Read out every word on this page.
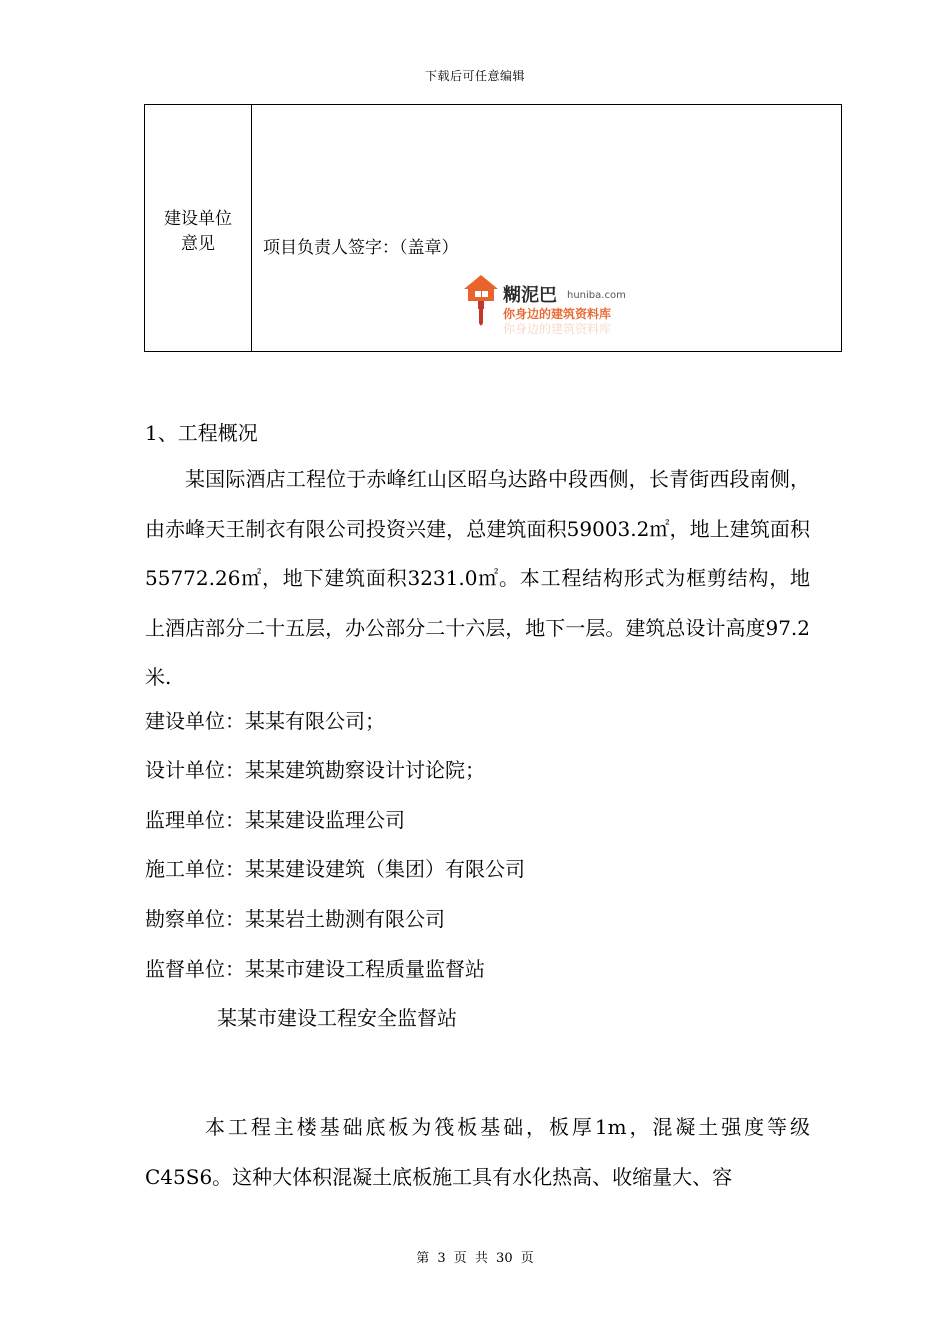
下载后可任意编辑
建设单位
意见	项目负责人签字：（盖章）
糊泥巴 huniba.com
你身边的建筑资料库
你身边的建筑资料库
1、工程概况
某国际酒店工程位于赤峰红山区昭乌达路中段西侧，长青街西段南侧，由赤峰天王制衣有限公司投资兴建，总建筑面积59003.2㎡，地上建筑面积55772.26㎡，地下建筑面积3231.0㎡。本工程结构形式为框剪结构，地上酒店部分二十五层，办公部分二十六层，地下一层。建筑总设计高度97.2米.
建设单位：某某有限公司；
设计单位：某某建筑勘察设计讨论院；
监理单位：某某建设监理公司
施工单位：某某建设建筑（集团）有限公司
勘察单位：某某岩土勘测有限公司
监督单位：某某市建设工程质量监督站
某某市建设工程安全监督站
本工程主楼基础底板为筏板基础，板厚1m，混凝土强度等级C45S6。这种大体积混凝土底板施工具有水化热高、收缩量大、容
第 3 页 共 30 页
